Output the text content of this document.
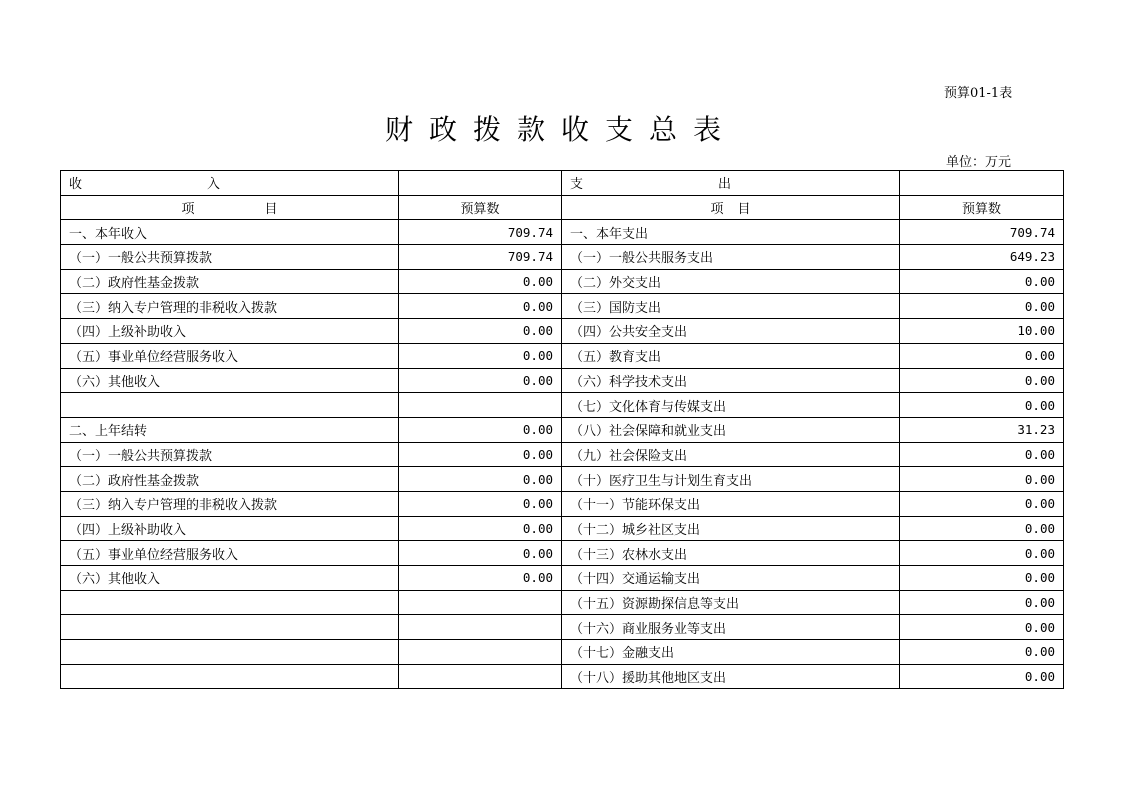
预算01-1表
财政拨款收支总表
单位：万元
收 入		支 出	

项 目	预算数	项 目	预算数
一、本年收入	709.74	一、本年支出	709.74
（一）一般公共预算拨款	709.74	（一）一般公共服务支出	649.23
（二）政府性基金拨款	0.00	（二）外交支出	0.00
（三）纳入专户管理的非税收入拨款	0.00	（三）国防支出	0.00
（四）上级补助收入	0.00	（四）公共安全支出	10.00
（五）事业单位经营服务收入	0.00	（五）教育支出	0.00
（六）其他收入	0.00	（六）科学技术支出	0.00
		（七）文化体育与传媒支出	0.00
二、上年结转	0.00	（八）社会保障和就业支出	31.23
（一）一般公共预算拨款	0.00	（九）社会保险支出	0.00
（二）政府性基金拨款	0.00	（十）医疗卫生与计划生育支出	0.00
（三）纳入专户管理的非税收入拨款	0.00	（十一）节能环保支出	0.00
（四）上级补助收入	0.00	（十二）城乡社区支出	0.00
（五）事业单位经营服务收入	0.00	（十三）农林水支出	0.00
（六）其他收入	0.00	（十四）交通运输支出	0.00
		（十五）资源勘探信息等支出	0.00
		（十六）商业服务业等支出	0.00
		（十七）金融支出	0.00
		（十八）援助其他地区支出	0.00
